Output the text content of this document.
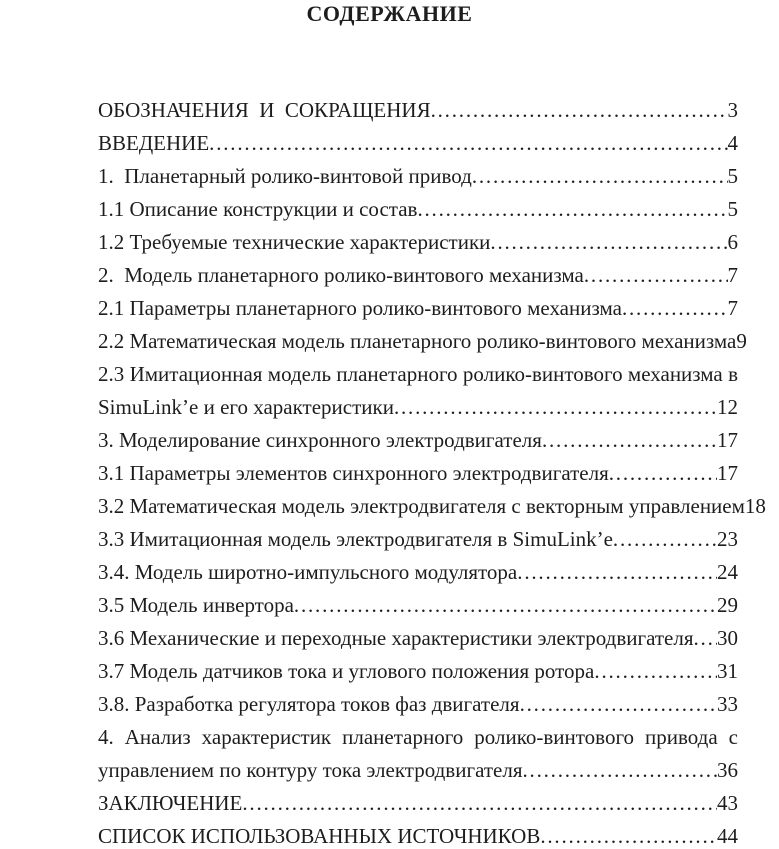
СОДЕРЖАНИЕ
ОБОЗНАЧЕНИЯ  И  СОКРАЩЕНИЯ .....	3
ВВЕДЕНИЕ .....	4
1.  Планетарный ролико-винтовой привод .....	5
1.1 Описание конструкции и состав .....	5
1.2 Требуемые технические характеристики .....	6
2.  Модель планетарного ролико-винтового механизма .....	7
2.1 Параметры планетарного ролико-винтового механизма .....	7
2.2 Математическая модель планетарного ролико-винтового механизма 9
2.3 Имитационная модель планетарного ролико-винтового механизма в
SimuLink’е и его характеристики .....	12
3. Моделирование синхронного электродвигателя .....	17
3.1 Параметры элементов синхронного электродвигателя .....	17
3.2 Математическая модель электродвигателя с векторным управлением 18
3.3 Имитационная модель электродвигателя в SimuLink’е .....	23
3.4. Модель широтно-импульсного модулятора .....	24
3.5 Модель инвертора .....	29
3.6 Механические и переходные характеристики электродвигателя ..... 30
3.7 Модель датчиков тока и углового положения ротора .....	31
3.8. Разработка регулятора токов фаз двигателя .....	33
4. Анализ характеристик планетарного ролико-винтового привода с
управлением по контуру тока электродвигателя .....	36
ЗАКЛЮЧЕНИЕ .....	43
СПИСОК ИСПОЛЬЗОВАННЫХ ИСТОЧНИКОВ .....	44
